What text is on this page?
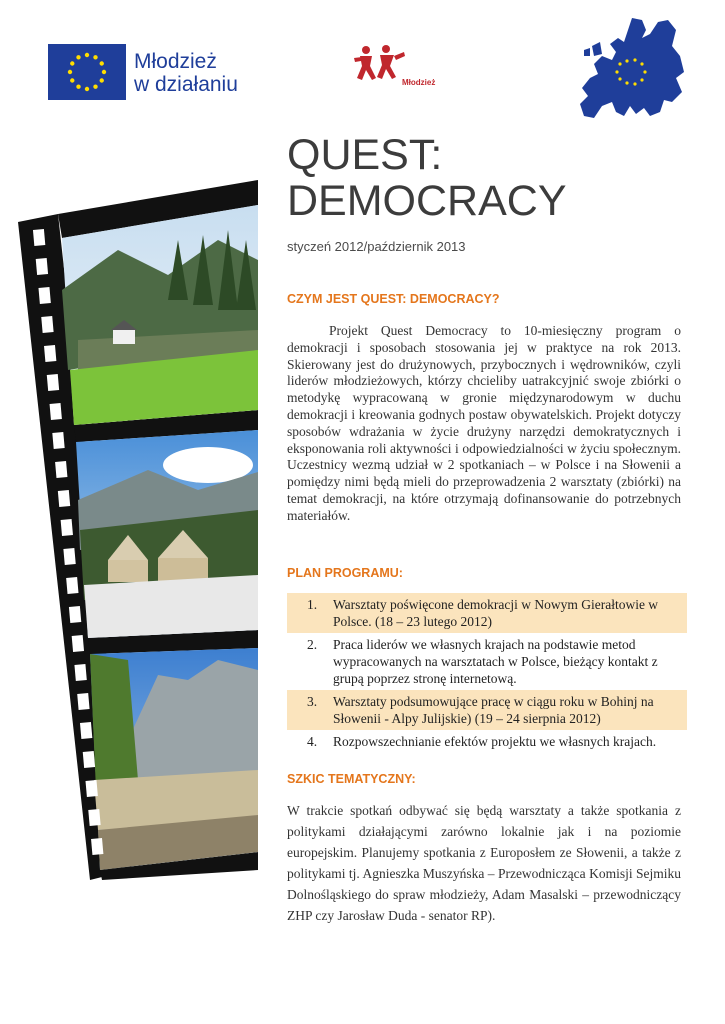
Młodzież
w działaniu	Młodzież
QUEST:
DEMOCRACY
styczeń 2012/październik 2013
CZYM JEST QUEST: DEMOCRACY?

Projekt Quest Democracy to 10-miesięczny program o demokracji i sposobach stosowania jej w praktyce na rok 2013. Skierowany jest do drużynowych, przybocznych i wędrowników, czyli liderów młodzieżowych, którzy chcieliby uatrakcyjnić swoje zbiórki o metodykę wypracowaną w gronie międzynarodowym w duchu demokracji i kreowania godnych postaw obywatelskich. Projekt dotyczy sposobów wdrażania w życie drużyny narzędzi demokratycznych i eksponowania roli aktywności i odpowiedzialności w życiu społecznym. Uczestnicy wezmą udział w 2 spotkaniach – w Polsce i na Słowenii a pomiędzy nimi będą mieli do przeprowadzenia 2 warsztaty (zbiórki) na temat demokracji, na które otrzymają dofinansowanie do potrzebnych materiałów.

PLAN PROGRAMU:
1. Warsztaty poświęcone demokracji w Nowym Gierałtowie w Polsce. (18 – 23 lutego 2012)
2. Praca liderów we własnych krajach na podstawie metod wypracowanych na warsztatach w Polsce, bieżący kontakt z grupą poprzez stronę internetową.
3. Warsztaty podsumowujące pracę w ciągu roku w Bohinj na Słowenii - Alpy Julijskie) (19 – 24 sierpnia 2012)
4. Rozpowszechnianie efektów projektu we własnych krajach.
SZKIC TEMATYCZNY:

W trakcie spotkań odbywać się będą warsztaty a także spotkania z politykami działającymi zarówno lokalnie jak i na poziomie europejskim. Planujemy spotkania z Europosłem ze Słowenii, a także z politykami tj. Agnieszka Muszyńska – Przewodnicząca Komisji Sejmiku Dolnośląskiego do spraw młodzieży, Adam Masalski – przewodniczący ZHP czy Jarosław Duda - senator RP).
